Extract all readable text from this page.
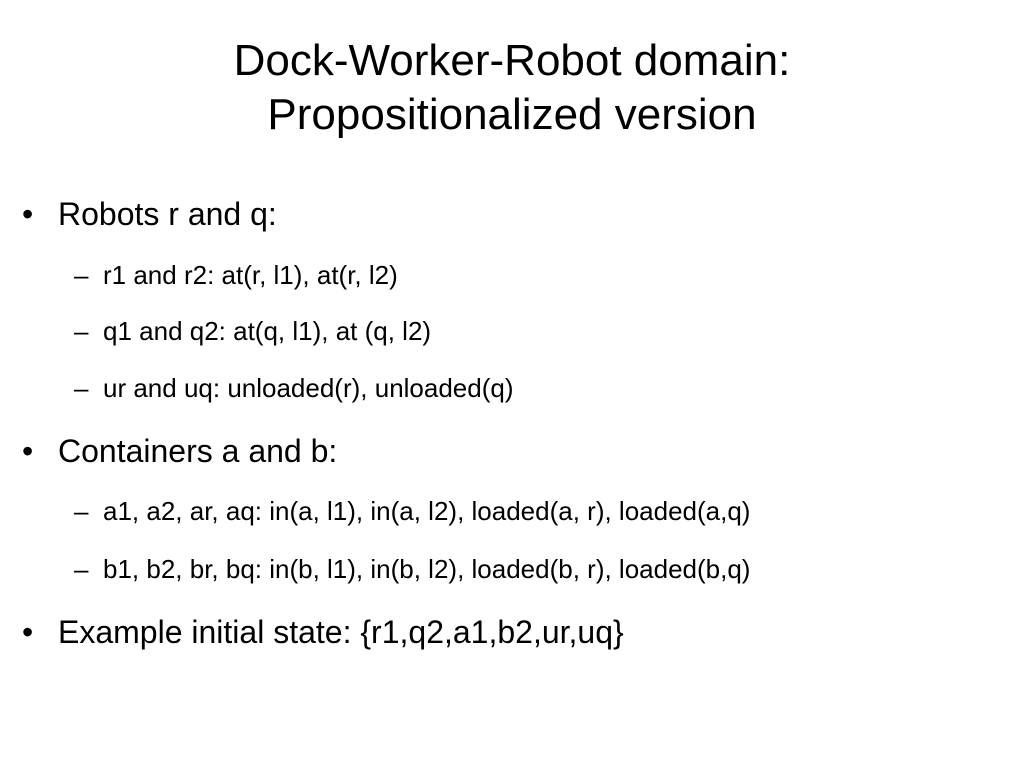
Dock-Worker-Robot domain:
Propositionalized version
• Robots r and q:
– r1 and r2: at(r, l1), at(r, l2)
– q1 and q2: at(q, l1), at (q, l2)
– ur and uq: unloaded(r), unloaded(q)
• Containers a and b:
– a1, a2, ar, aq: in(a, l1), in(a, l2), loaded(a, r), loaded(a,q)
– b1, b2, br, bq: in(b, l1), in(b, l2), loaded(b, r), loaded(b,q)
• Example initial state: {r1,q2,a1,b2,ur,uq}
